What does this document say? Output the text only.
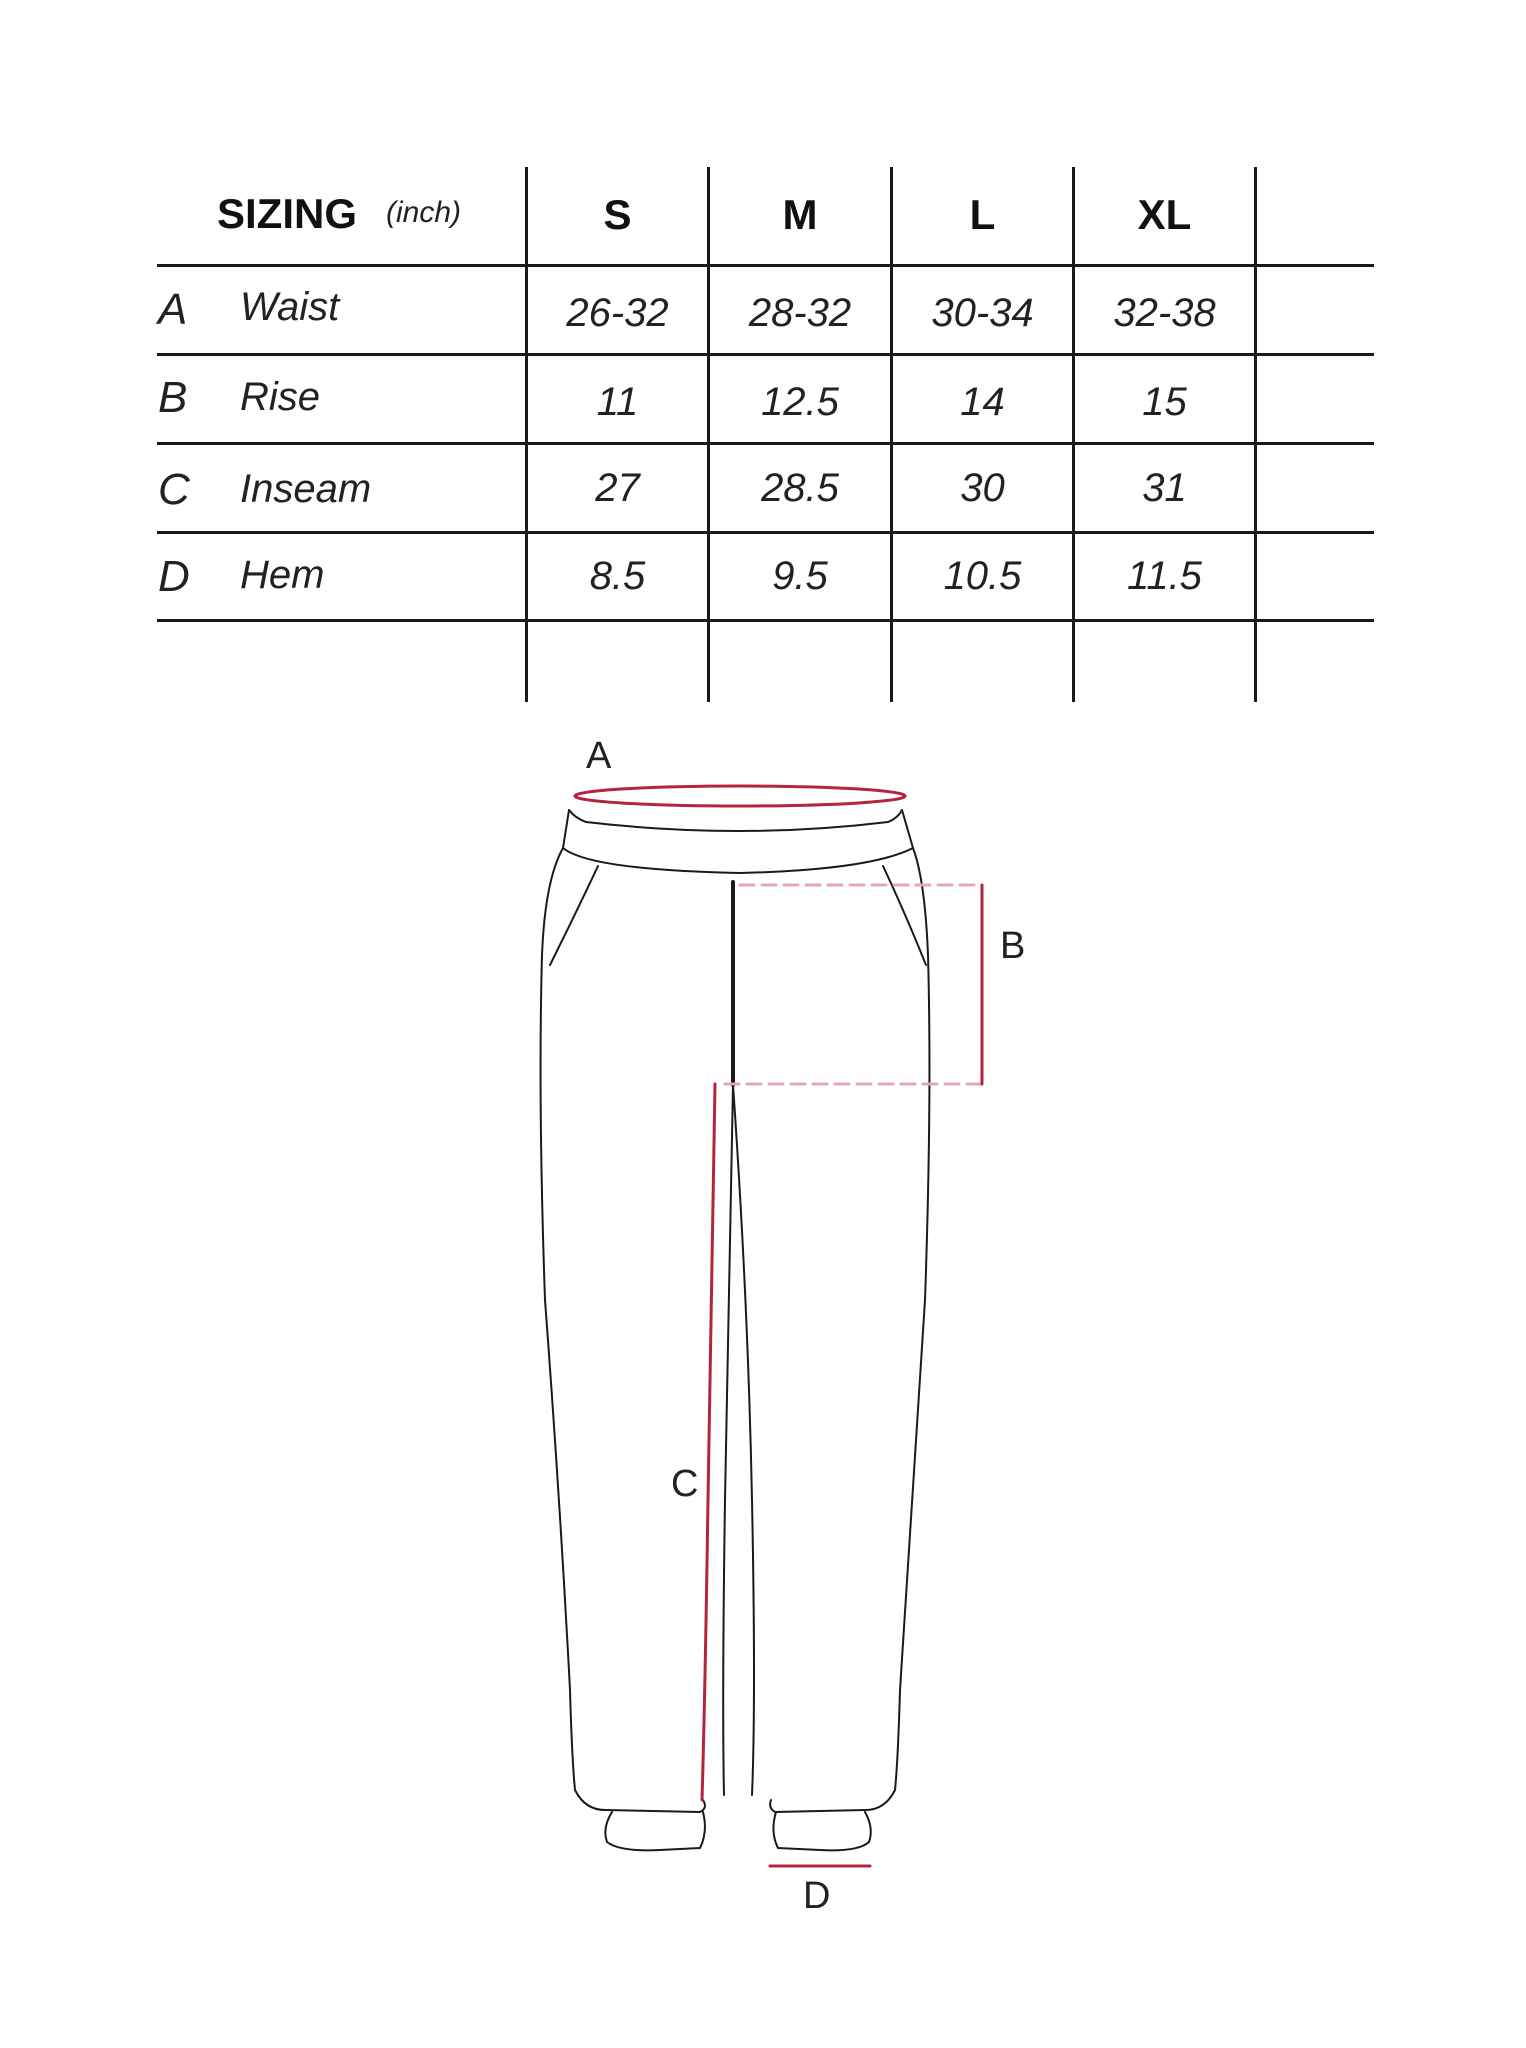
SIZING (inch)	S	M	L	XL
A Waist	26-32	28-32	30-34	32-38
B Rise	11	12.5	14	15
C Inseam	27	28.5	30	31
D Hem	8.5	9.5	10.5	11.5
A
B
C
D
